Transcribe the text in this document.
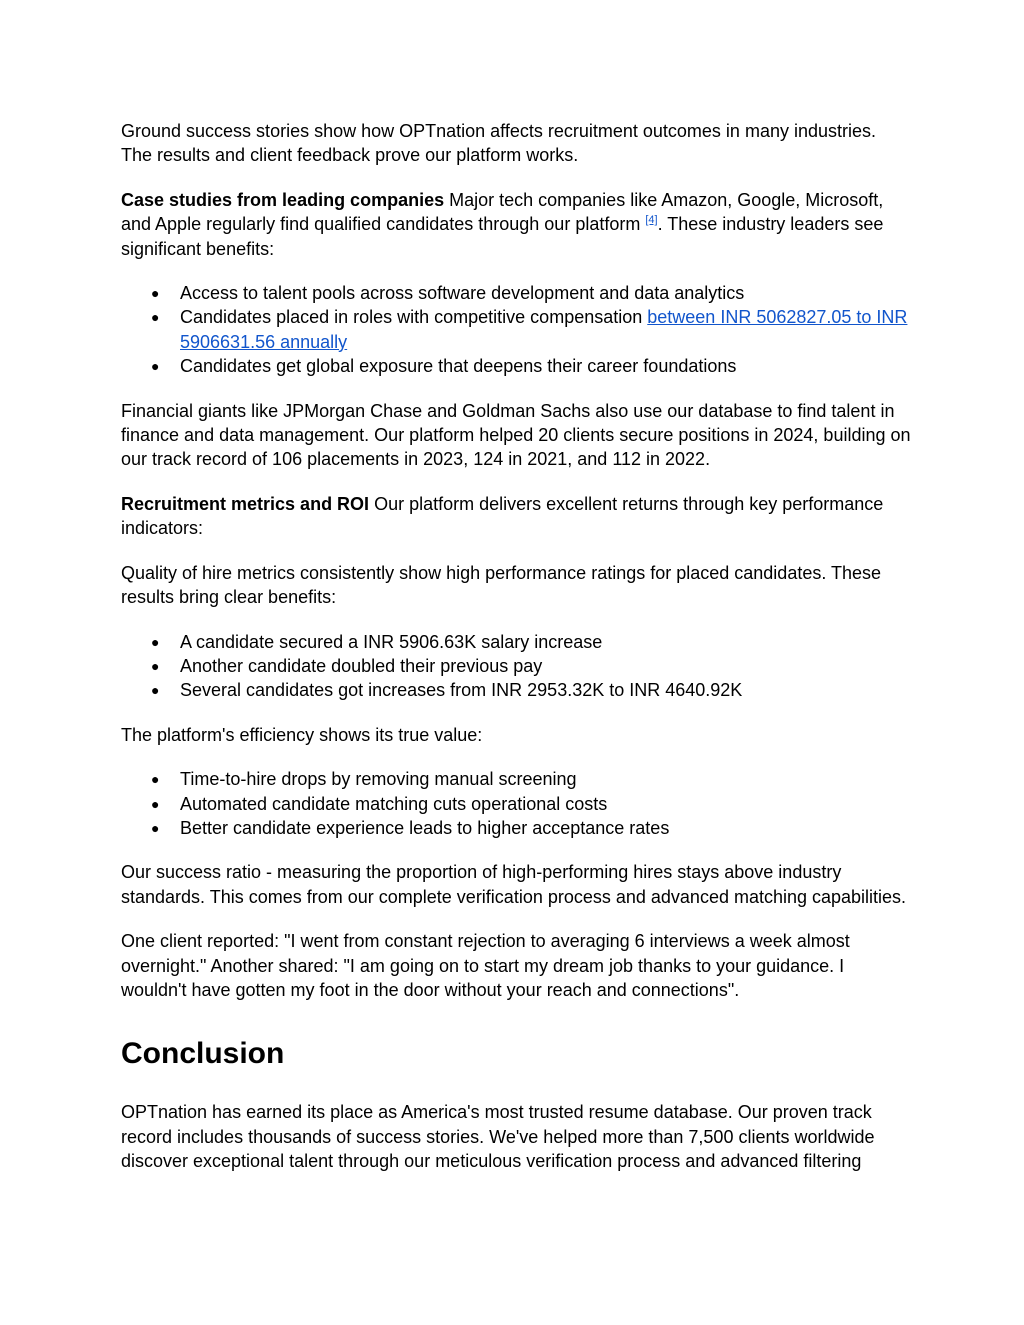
Ground success stories show how OPTnation affects recruitment outcomes in many industries. The results and client feedback prove our platform works.

Case studies from leading companies Major tech companies like Amazon, Google, Microsoft, and Apple regularly find qualified candidates through our platform [4]. These industry leaders see significant benefits:

● Access to talent pools across software development and data analytics
● Candidates placed in roles with competitive compensation between INR 5062827.05 to INR 5906631.56 annually
● Candidates get global exposure that deepens their career foundations

Financial giants like JPMorgan Chase and Goldman Sachs also use our database to find talent in finance and data management. Our platform helped 20 clients secure positions in 2024, building on our track record of 106 placements in 2023, 124 in 2021, and 112 in 2022.

Recruitment metrics and ROI Our platform delivers excellent returns through key performance indicators:

Quality of hire metrics consistently show high performance ratings for placed candidates. These results bring clear benefits:

● A candidate secured a INR 5906.63K salary increase
● Another candidate doubled their previous pay
● Several candidates got increases from INR 2953.32K to INR 4640.92K

The platform's efficiency shows its true value:

● Time-to-hire drops by removing manual screening
● Automated candidate matching cuts operational costs
● Better candidate experience leads to higher acceptance rates

Our success ratio - measuring the proportion of high-performing hires stays above industry standards. This comes from our complete verification process and advanced matching capabilities.

One client reported: "I went from constant rejection to averaging 6 interviews a week almost overnight." Another shared: "I am going on to start my dream job thanks to your guidance. I wouldn't have gotten my foot in the door without your reach and connections".

Conclusion

OPTnation has earned its place as America's most trusted resume database. Our proven track record includes thousands of success stories. We've helped more than 7,500 clients worldwide discover exceptional talent through our meticulous verification process and advanced filtering
